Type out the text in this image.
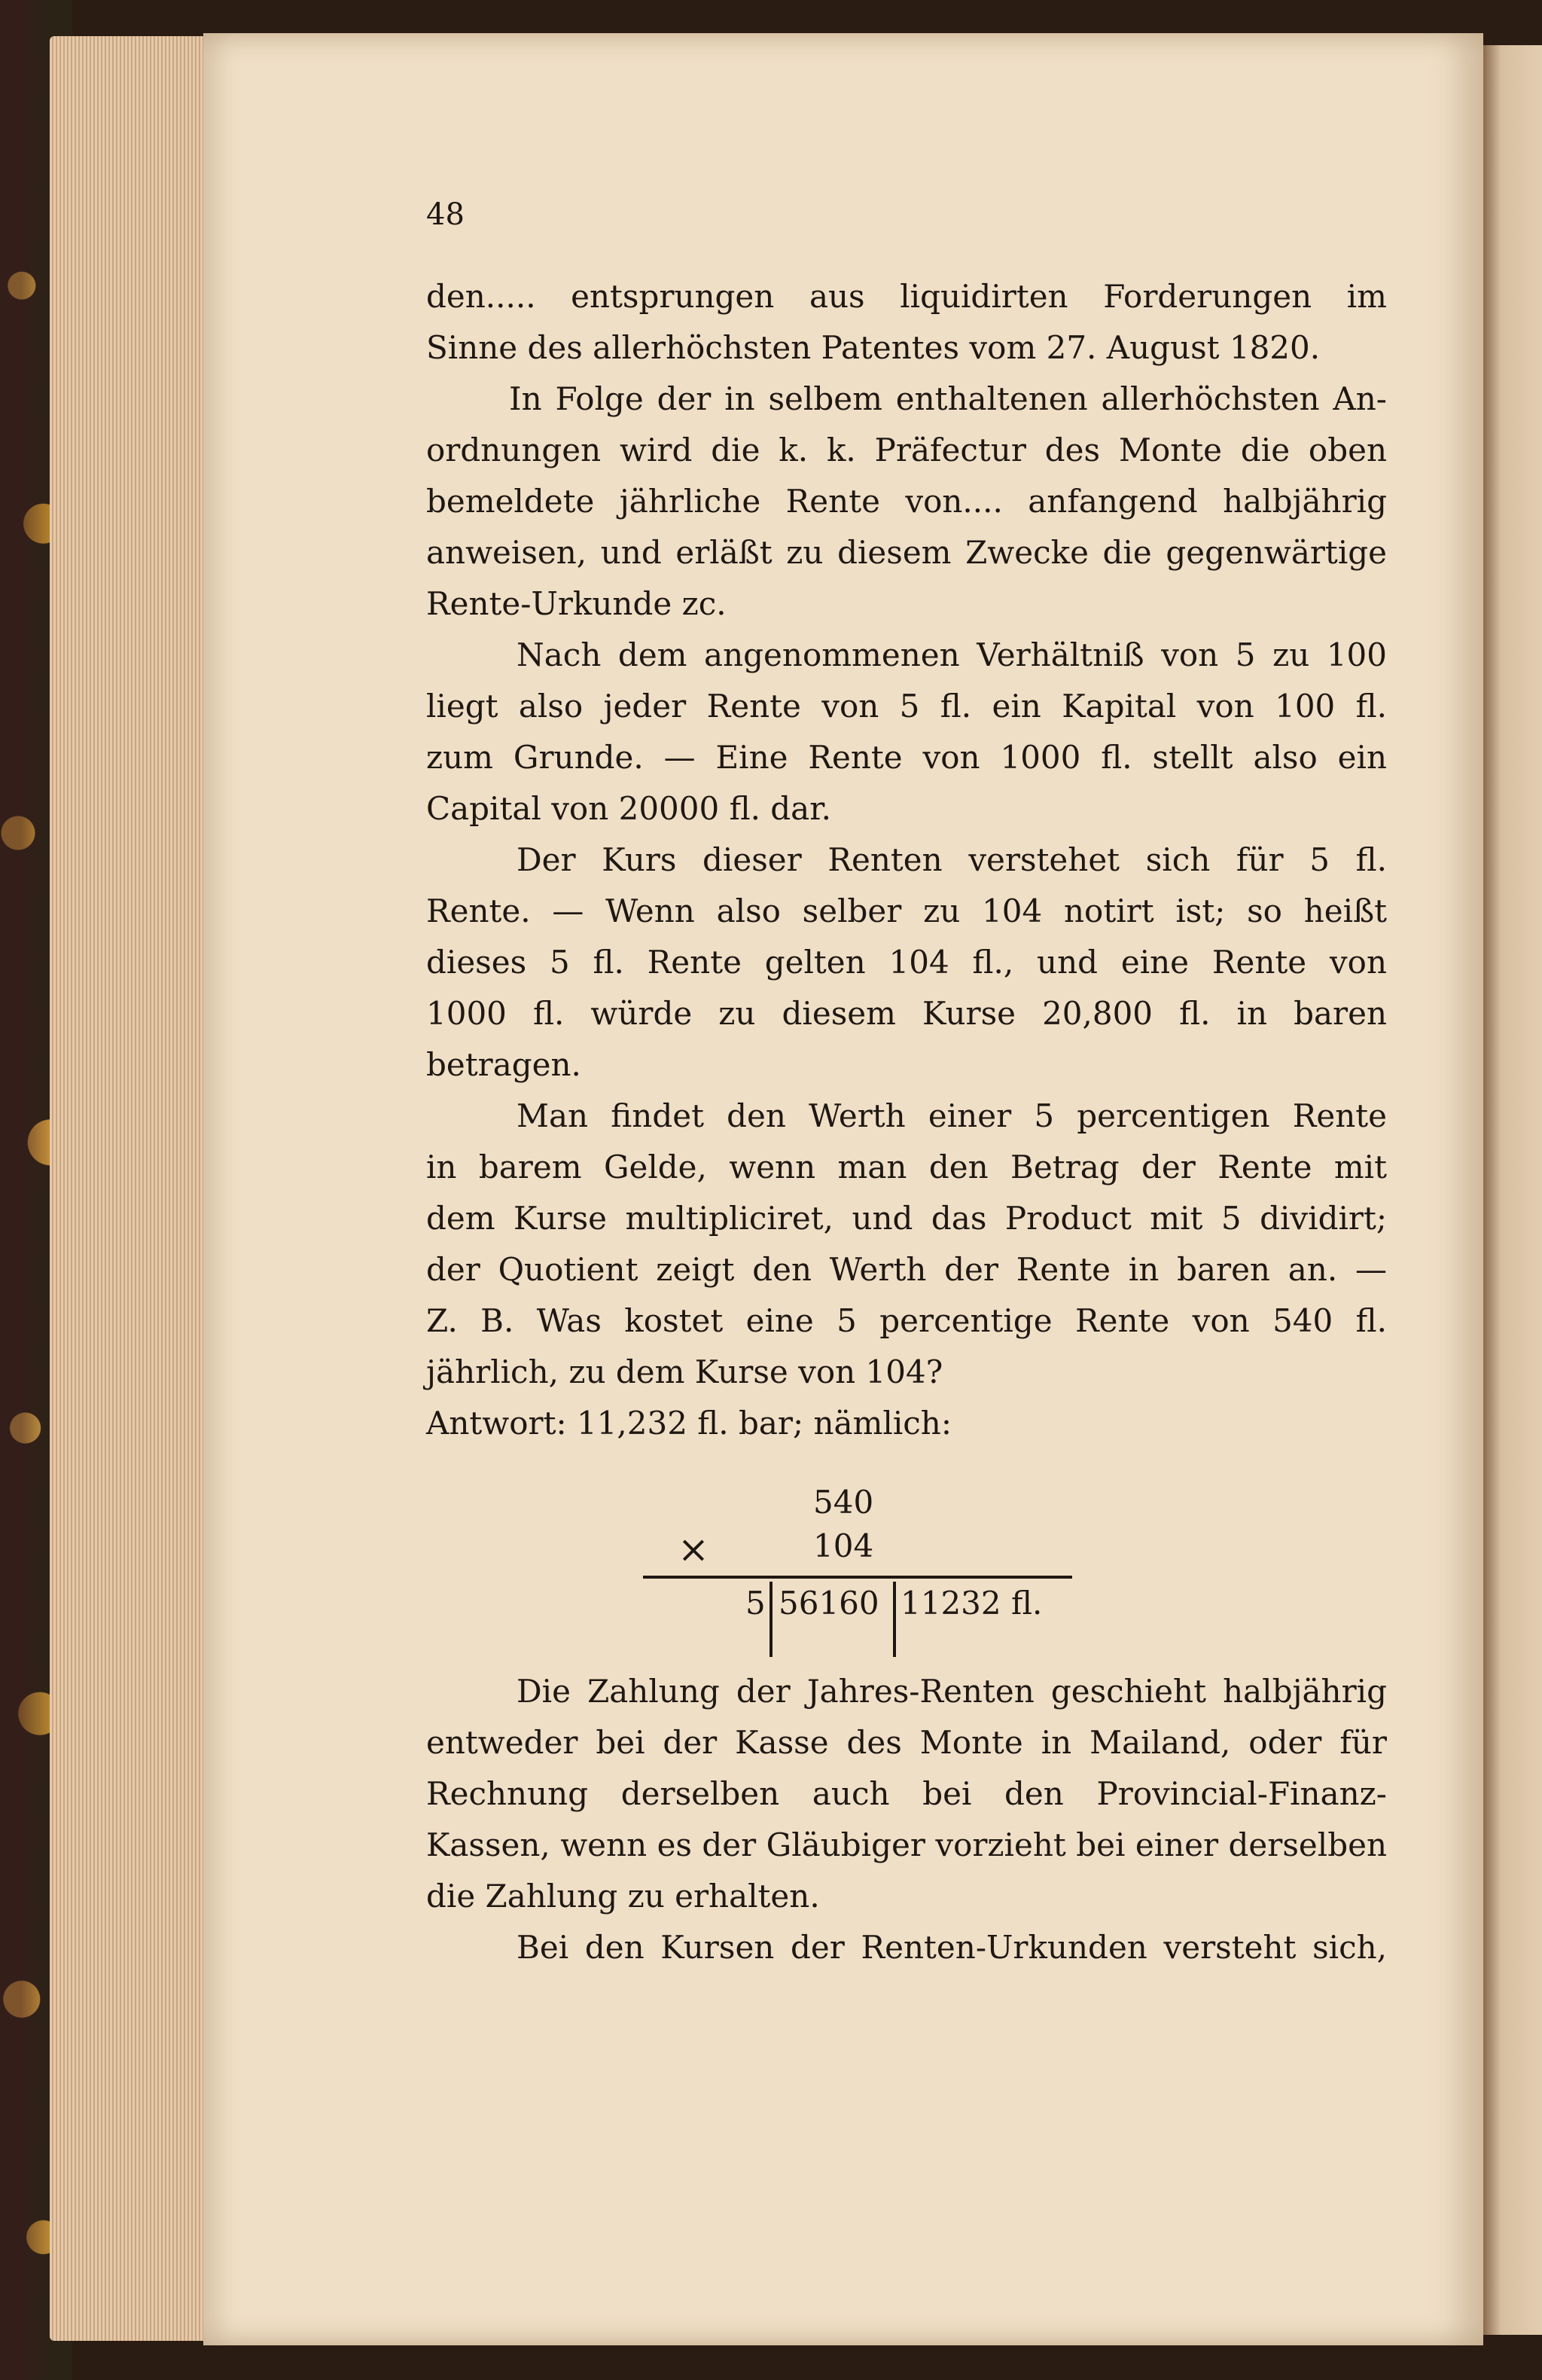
48
den..... entsprungen aus liquidirten Forderungen im
Sinne des allerhöchsten Patentes vom 27. August 1820.
In Folge der in selbem enthaltenen allerhöchsten An-
ordnungen wird die k. k. Präfectur des Monte die oben
bemeldete jährliche Rente von.... anfangend halbjährig
anweisen, und erläßt zu diesem Zwecke die gegenwärtige
Rente-Urkunde zc.
Nach dem angenommenen Verhältniß von 5 zu 100
liegt also jeder Rente von 5 fl. ein Kapital von 100 fl.
zum Grunde. — Eine Rente von 1000 fl. stellt also ein
Capital von 20000 fl. dar.
Der Kurs dieser Renten verstehet sich für 5 fl.
Rente. — Wenn also selber zu 104 notirt ist; so heißt
dieses 5 fl. Rente gelten 104 fl., und eine Rente von
1000 fl. würde zu diesem Kurse 20,800 fl. in baren
betragen.
Man findet den Werth einer 5 percentigen Rente
in barem Gelde, wenn man den Betrag der Rente mit
dem Kurse multipliciret, und das Product mit 5 dividirt;
der Quotient zeigt den Werth der Rente in baren an. —
Z. B. Was kostet eine 5 percentige Rente von 540 fl.
jährlich, zu dem Kurse von 104?
Antwort: 11,232 fl. bar; nämlich:
540
×	104
5 56160 11232 fl.
Die Zahlung der Jahres-Renten geschieht halbjährig
entweder bei der Kasse des Monte in Mailand, oder für
Rechnung derselben auch bei den Provincial-Finanz-
Kassen, wenn es der Gläubiger vorzieht bei einer derselben
die Zahlung zu erhalten.
Bei den Kursen der Renten-Urkunden versteht sich,
